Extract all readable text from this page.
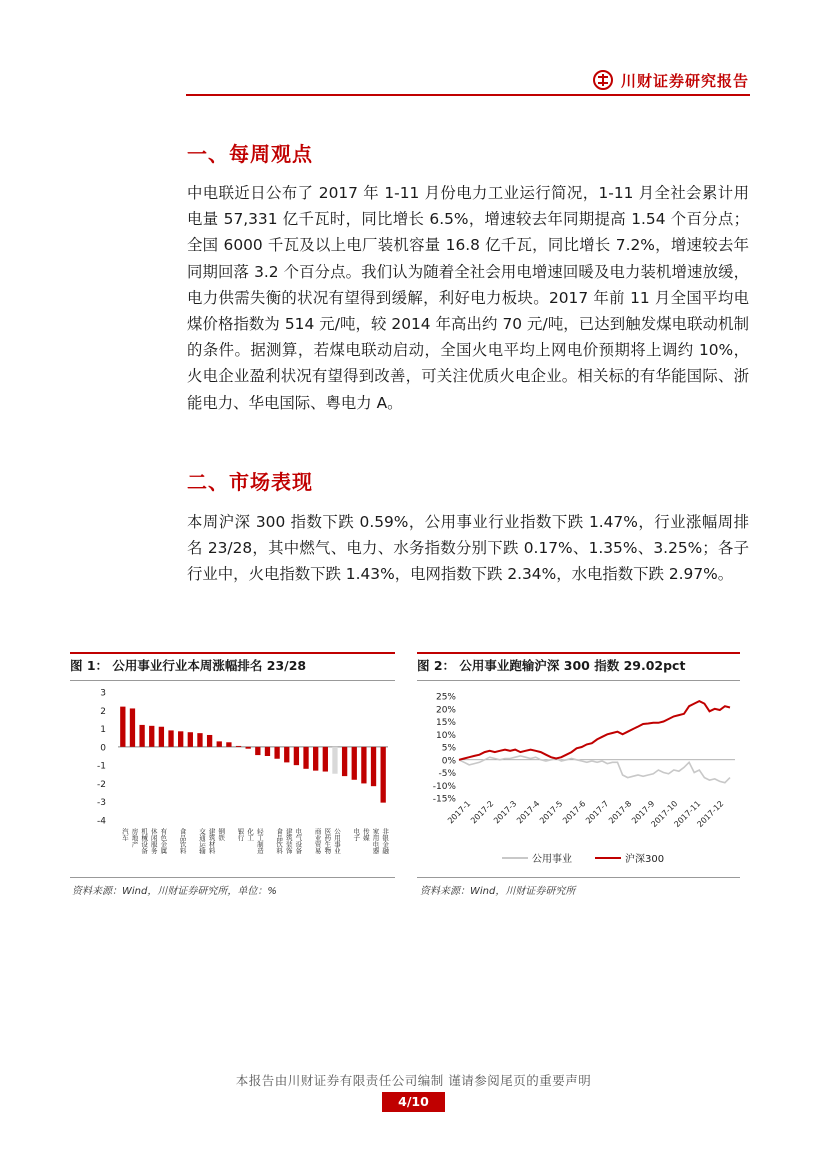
川财证券研究报告
一、每周观点

中电联近日公布了 2017 年 1-11 月份电力工业运行简况，1-11 月全社会累计用电量 57,331 亿千瓦时，同比增长 6.5%，增速较去年同期提高 1.54 个百分点；全国 6000 千瓦及以上电厂装机容量 16.8 亿千瓦，同比增长 7.2%，增速较去年同期回落 3.2 个百分点。我们认为随着全社会用电增速回暖及电力装机增速放缓，电力供需失衡的状况有望得到缓解，利好电力板块。2017 年前 11 月全国平均电煤价格指数为 514 元/吨，较 2014 年高出约 70 元/吨，已达到触发煤电联动机制的条件。据测算，若煤电联动启动，全国火电平均上网电价预期将上调约 10%，火电企业盈利状况有望得到改善，可关注优质火电企业。相关标的有华能国际、浙能电力、华电国际、粤电力 A。

二、市场表现

本周沪深 300 指数下跌 0.59%，公用事业行业指数下跌 1.47%，行业涨幅周排名 23/28，其中燃气、电力、水务指数分别下跌 0.17%、1.35%、3.25%；各子行业中，火电指数下跌 1.43%，电网指数下跌 2.34%，水电指数下跌 2.97%。

图 1： 公用事业行业本周涨幅排名 23/28
3
2
1
0
-1
-2
-3
-4
汽车 房地产 机械设备 休闲服务 有色金属 食品饮料 交通运输 建筑材料 钢铁 银行 化工 轻工制造 食品饮料 建筑装饰 电气设备 商业贸易 医药生物 公用事业 电子 传媒 家用电器 非银金融
资料来源：Wind，川财证券研究所，单位：%
图 2： 公用事业跑输沪深 300 指数 29.02pct
25%
20%
15%
10%
5%
0%
-5%
-10%
-15%
2017-1
2017-2
2017-3
2017-4
2017-5
2017-6
2017-7
2017-8
2017-9
2017-10
2017-11
2017-12
公用事业	沪深300
资料来源：Wind，川财证券研究所
本报告由川财证券有限责任公司编制 谨请参阅尾页的重要声明
4/10
